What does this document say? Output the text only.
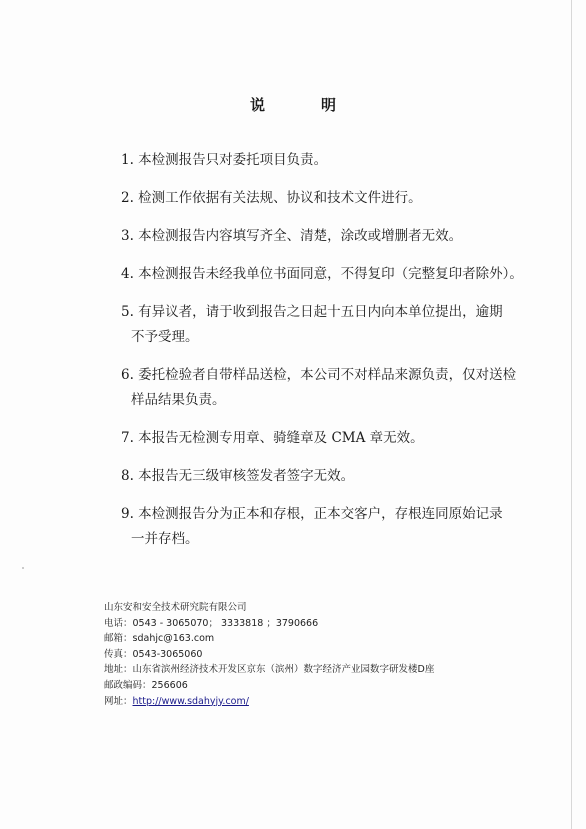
说明
1. 本检测报告只对委托项目负责。
2. 检测工作依据有关法规、协议和技术文件进行。
3. 本检测报告内容填写齐全、清楚，涂改或增删者无效。
4. 本检测报告未经我单位书面同意，不得复印（完整复印者除外）。
5. 有异议者，请于收到报告之日起十五日内向本单位提出，逾期
不予受理。
6. 委托检验者自带样品送检，本公司不对样品来源负责，仅对送检
样品结果负责。
7. 本报告无检测专用章、骑缝章及 CMA 章无效。
8. 本报告无三级审核签发者签字无效。
9. 本检测报告分为正本和存根，正本交客户，存根连同原始记录
一并存档。
山东安和安全技术研究院有限公司
电话：0543 - 3065070； 3333818 ；3790666
邮箱：sdahjc@163.com
传真：0543-3065060
地址：山东省滨州经济技术开发区京东（滨州）数字经济产业园数字研发楼D座
邮政编码：256606
网址：http://www.sdahyjy.com/
